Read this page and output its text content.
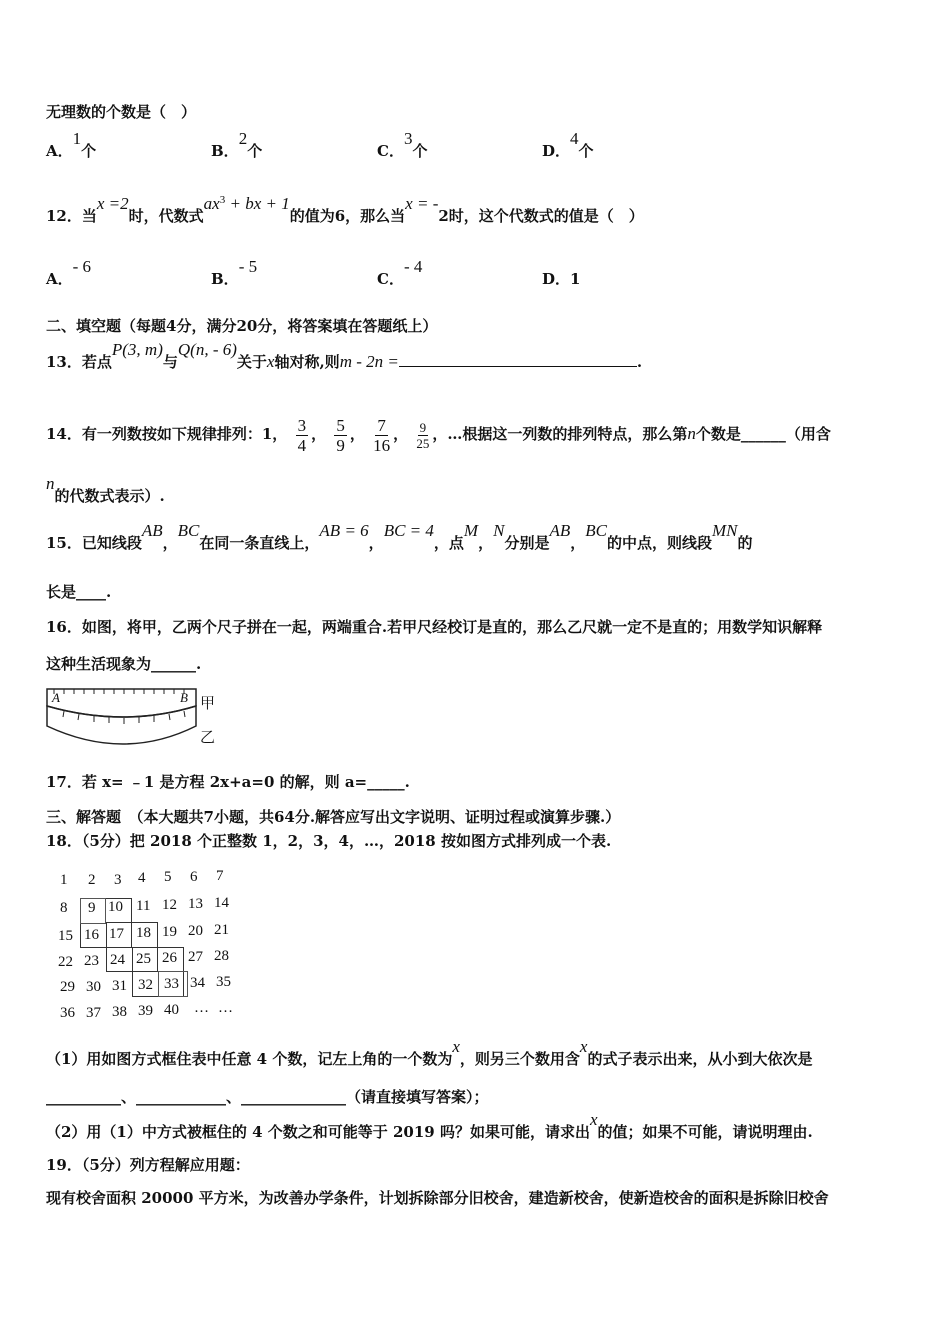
无理数的个数是（　）
A．1个	B．2个	C．3个	D．4个
12．当x =2时，代数式$ax^3$ + bx + 1的值为6，那么当x = -2时，这个代数式的值是（　）
A．- 6
B．- 5
C．- 4
D．1
二、填空题（每题4分，满分20分，将答案填在答题纸上）
13．若点P(3, m)与Q(n, - 6)关于x轴对称,则m - 2n =	.
14．有一列数按如下规律排列：1， $\frac{3}{4}$ ， $\frac{5}{9}$ ， $\frac{7}{16}$ ， $\frac{9}{25}$ ，…根据这一列数的排列特点，那么第n个数是______（用含
n的代数式表示）.
15．已知线段AB，BC在同一条直线上，AB = 6，BC = 4，点M，N分别是AB，BC的中点，则线段MN的
长是____.
16．如图，将甲，乙两个尺子拼在一起，两端重合.若甲尺经校订是直的，那么乙尺就一定不是直的；用数学知识解释
这种生活现象为______.
A	B 甲
乙
17．若 x= ﹣1 是方程 2x+a=0 的解，则 a=_____.
三、解答题　（本大题共7小题，共64分.解答应写出文字说明、证明过程或演算步骤.）
18．（5分）把 2018 个正整数 1，2，3，4，…，2018 按如图方式排列成一个表.
1 2 3 4 5 6 7
8 9 10 11 12 13 14
15 16 17 18 19 20 21
22 23 24 25 26 27 28
29 30 31 32 33 34 35
36 37 38 39 40 … …
（1）用如图方式框住表中任意 4 个数，记左上角的一个数为x，则另三个数用含x的式子表示出来，从小到大依次是
__________、____________、______________（请直接填写答案）；
（2）用（1）中方式被框住的 4 个数之和可能等于 2019 吗？如果可能，请求出x的值；如果不可能，请说明理由.
19．（5分）列方程解应用题：
现有校舍面积 20000 平方米，为改善办学条件，计划拆除部分旧校舍，建造新校舍，使新造校舍的面积是拆除旧校舍
